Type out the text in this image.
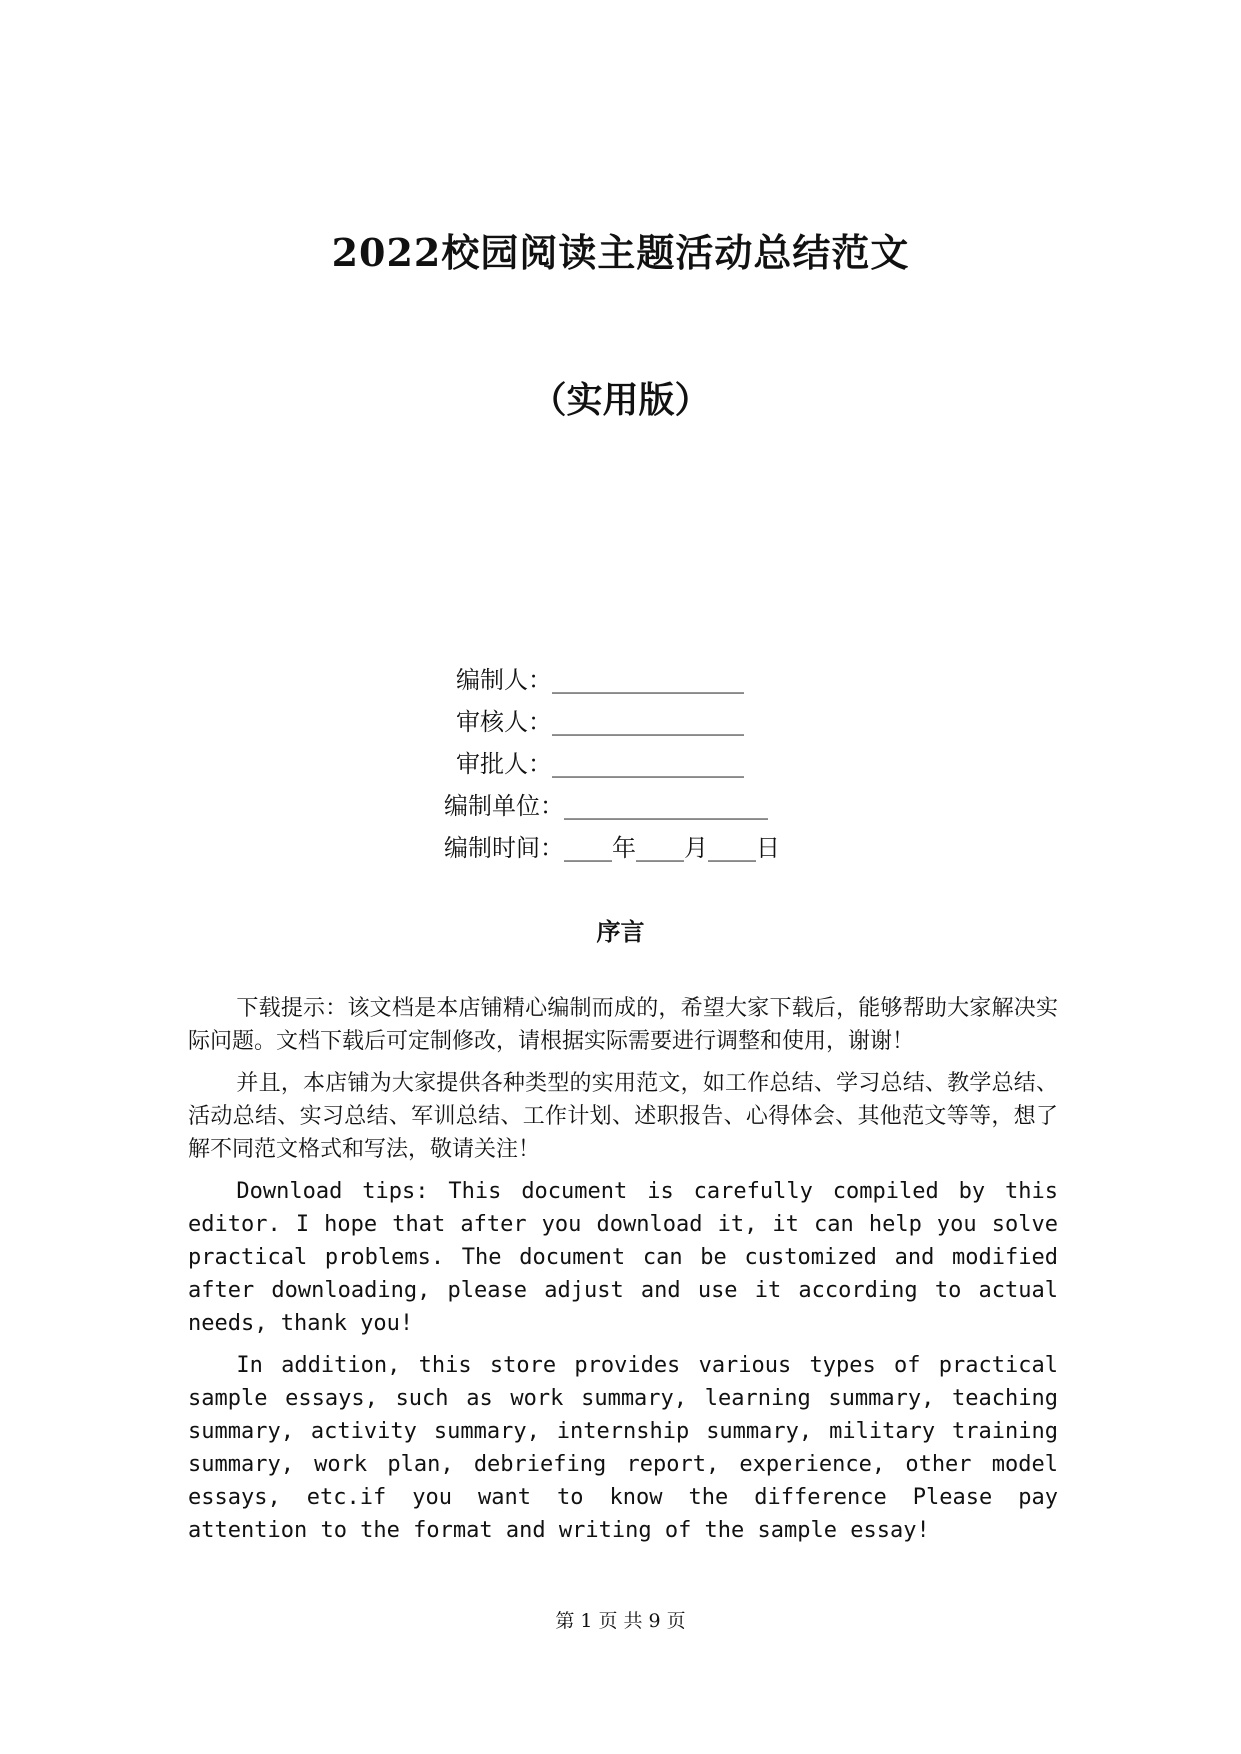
2022校园阅读主题活动总结范文
（实用版）
编制人：________________
审核人：________________
审批人：________________
编制单位：_________________
编制时间：____年____月____日
序言

下载提示：该文档是本店铺精心编制而成的，希望大家下载后，能够帮助大家解决实际问题。文档下载后可定制修改，请根据实际需要进行调整和使用，谢谢！

并且，本店铺为大家提供各种类型的实用范文，如工作总结、学习总结、教学总结、活动总结、实习总结、军训总结、工作计划、述职报告、心得体会、其他范文等等，想了解不同范文格式和写法，敬请关注！

Download tips: This document is carefully compiled by this editor. I hope that after you download it, it can help you solve practical problems. The document can be customized and modified after downloading, please adjust and use it according to actual needs, thank you!

In addition, this store provides various types of practical sample essays, such as work summary, learning summary, teaching summary, activity summary, internship summary, military training summary, work plan, debriefing report, experience, other model essays, etc.if you want to know the difference Please pay attention to the format and writing of the sample essay!

第 1 页 共 9 页
